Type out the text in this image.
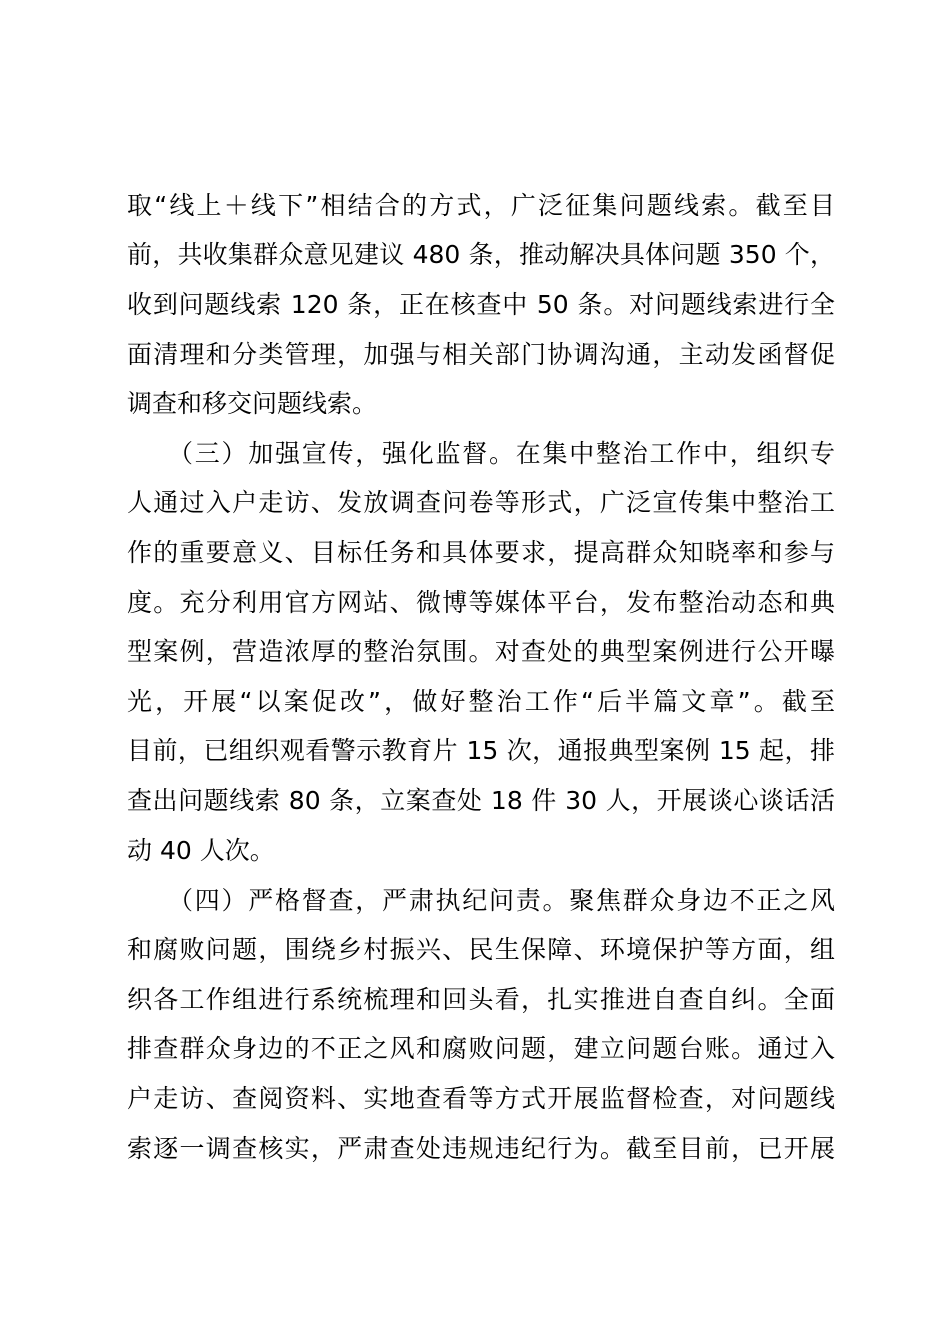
取“线上＋线下”相结合的方式，广泛征集问题线索。截至目
前，共收集群众意见建议 480 条，推动解决具体问题 350 个，
收到问题线索 120 条，正在核查中 50 条。对问题线索进行全
面清理和分类管理，加强与相关部门协调沟通，主动发函督促
调查和移交问题线索。
　　（三）加强宣传，强化监督。在集中整治工作中，组织专
人通过入户走访、发放调查问卷等形式，广泛宣传集中整治工
作的重要意义、目标任务和具体要求，提高群众知晓率和参与
度。充分利用官方网站、微博等媒体平台，发布整治动态和典
型案例，营造浓厚的整治氛围。对查处的典型案例进行公开曝
光，开展“以案促改”，做好整治工作“后半篇文章”。截至
目前，已组织观看警示教育片 15 次，通报典型案例 15 起，排
查出问题线索 80 条，立案查处 18 件 30 人，开展谈心谈话活
动 40 人次。
　　（四）严格督查，严肃执纪问责。聚焦群众身边不正之风
和腐败问题，围绕乡村振兴、民生保障、环境保护等方面，组
织各工作组进行系统梳理和回头看，扎实推进自查自纠。全面
排查群众身边的不正之风和腐败问题，建立问题台账。通过入
户走访、查阅资料、实地查看等方式开展监督检查，对问题线
索逐一调查核实，严肃查处违规违纪行为。截至目前，已开展
